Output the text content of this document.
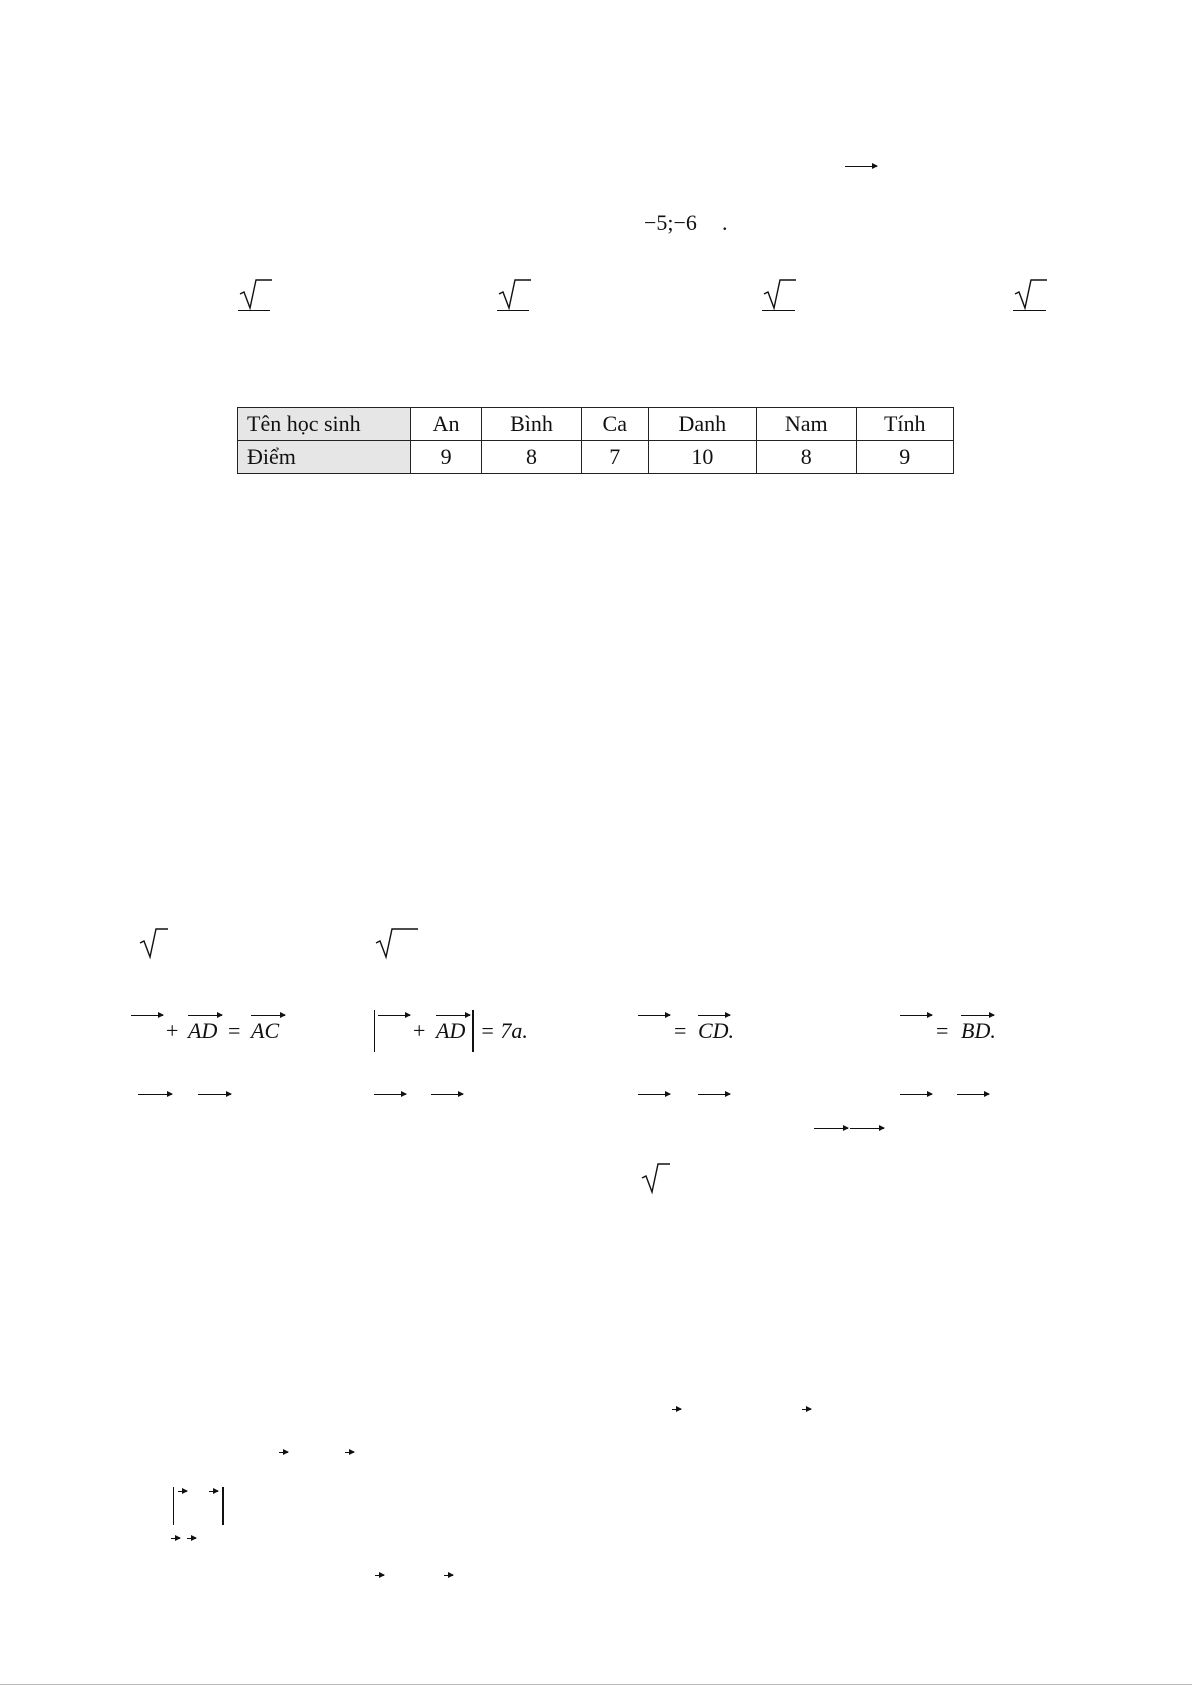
−5;−6 .
Tên học sinh	An	Bình	Ca	Danh	Nam	Tính
Điểm	9	8	7	10	8	9
+ AD = AC	+ AD = 7a.	= CD.	= BD.
